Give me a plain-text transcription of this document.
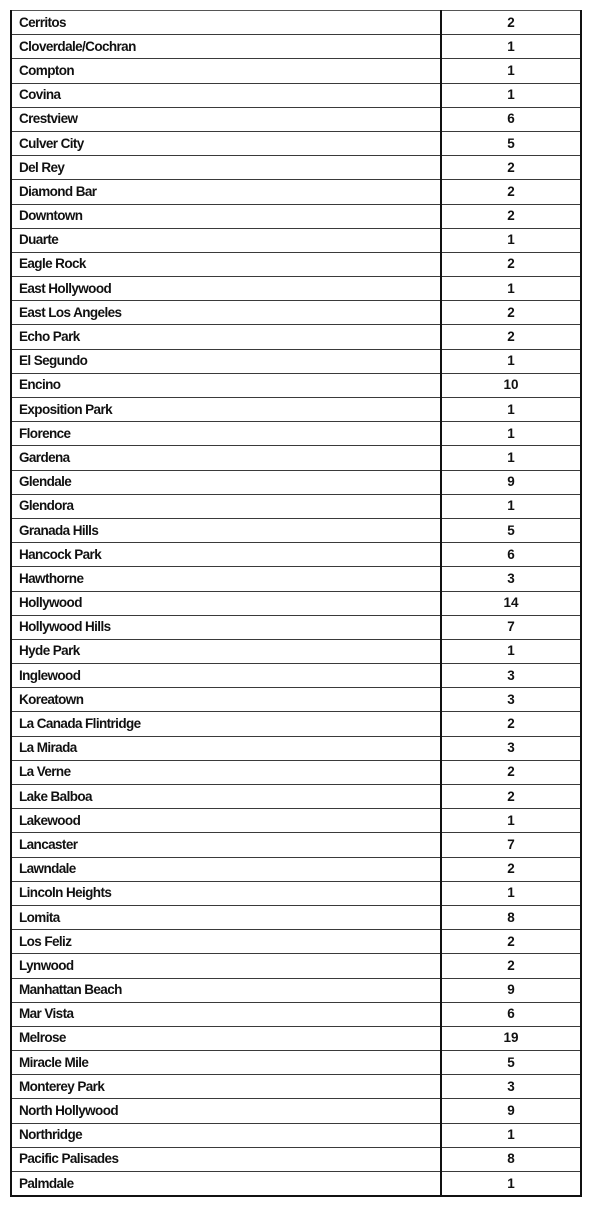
Cerritos	2
Cloverdale/Cochran	1
Compton	1
Covina	1
Crestview	6
Culver City	5
Del Rey	2
Diamond Bar	2
Downtown	2
Duarte	1
Eagle Rock	2
East Hollywood	1
East Los Angeles	2
Echo Park	2
El Segundo	1
Encino	10
Exposition Park	1
Florence	1
Gardena	1
Glendale	9
Glendora	1
Granada Hills	5
Hancock Park	6
Hawthorne	3
Hollywood	14
Hollywood Hills	7
Hyde Park	1
Inglewood	3
Koreatown	3
La Canada Flintridge	2
La Mirada	3
La Verne	2
Lake Balboa	2
Lakewood	1
Lancaster	7
Lawndale	2
Lincoln Heights	1
Lomita	8
Los Feliz	2
Lynwood	2
Manhattan Beach	9
Mar Vista	6
Melrose	19
Miracle Mile	5
Monterey Park	3
North Hollywood	9
Northridge	1
Pacific Palisades	8
Palmdale	1
